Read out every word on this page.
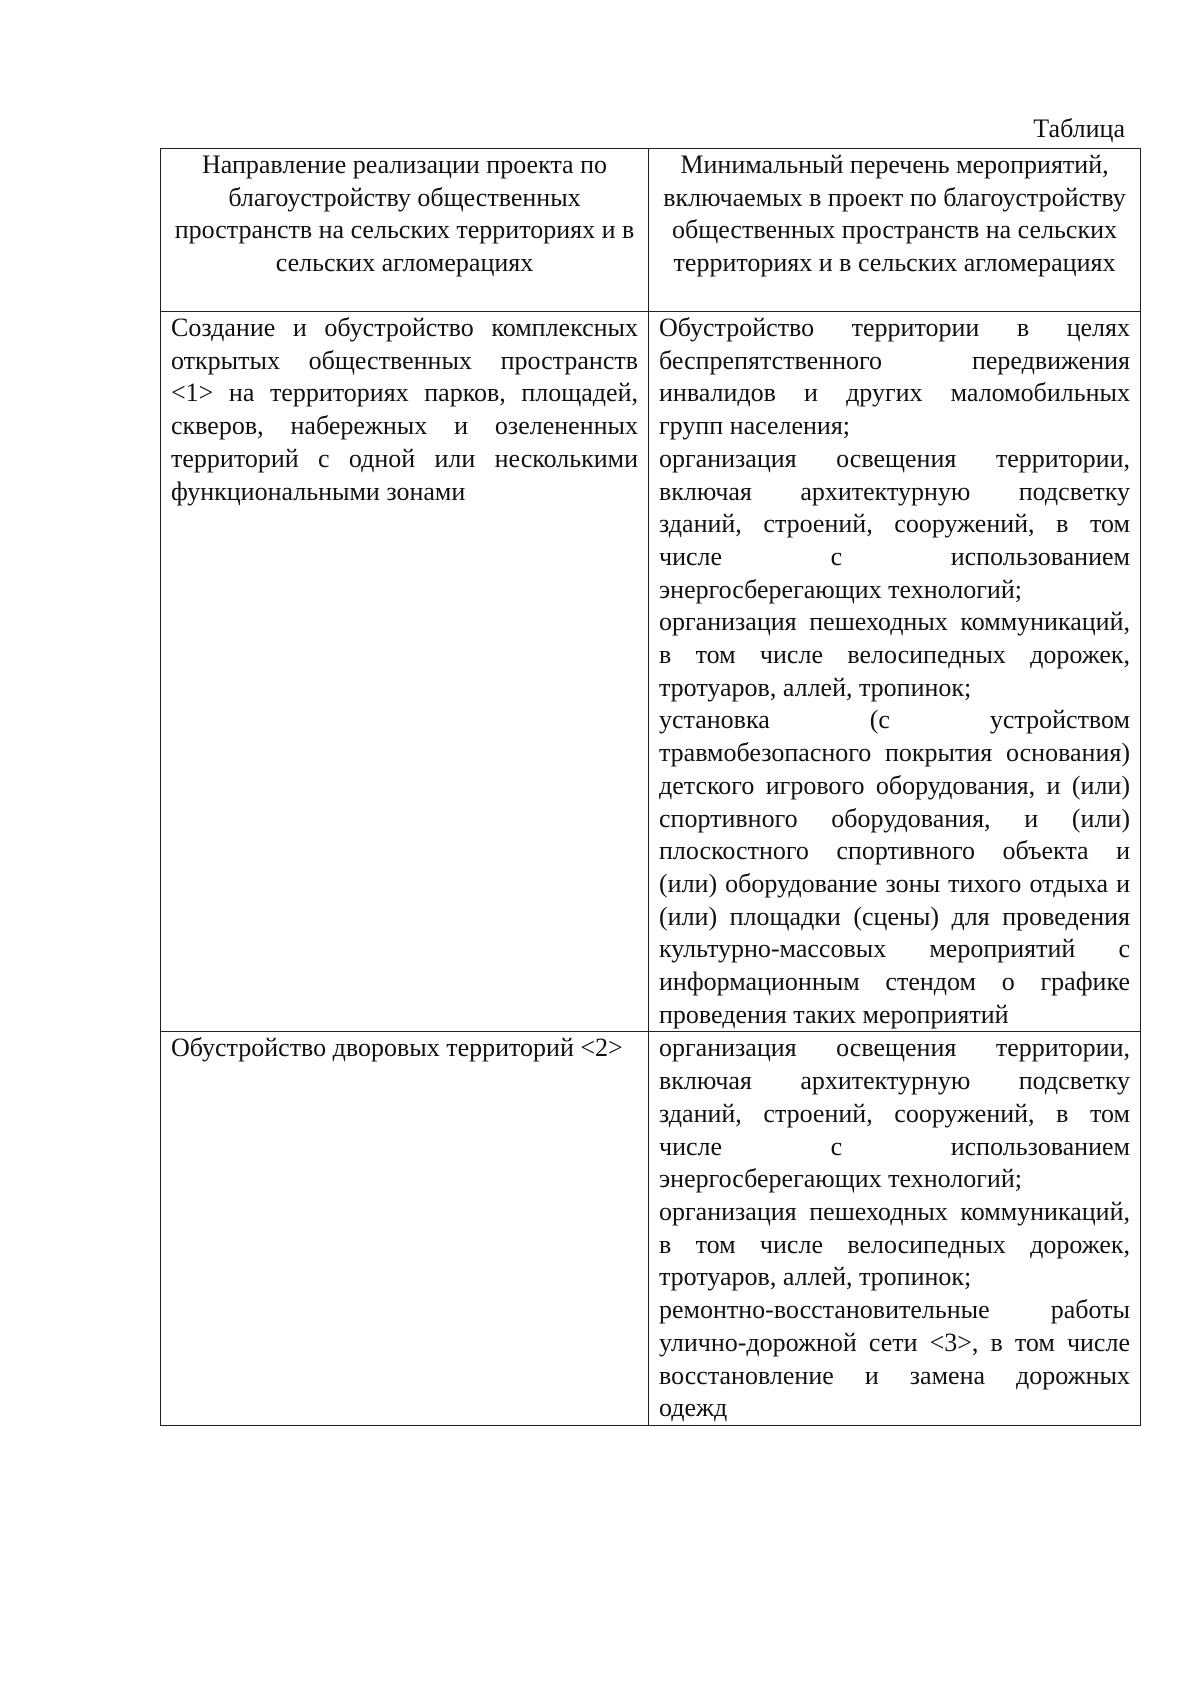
Таблица
Направление реализации проекта по благоустройству общественных пространств на сельских территориях и в сельских агломерациях	Минимальный перечень мероприятий, включаемых в проект по благоустройству общественных пространств на сельских территориях и в сельских агломерациях

Создание и обустройство комплексных открытых общественных пространств <1> на территориях парков, площадей, скверов, набережных и озелененных территорий с одной или несколькими функциональными зонами	Обустройство территории в целях беспрепятственного передвижения инвалидов и других маломобильных групп населения;
организация освещения территории, включая архитектурную подсветку зданий, строений, сооружений, в том числе с использованием энергосберегающих технологий;
организация пешеходных коммуникаций, в том числе велосипедных дорожек, тротуаров, аллей, тропинок;
установка (с устройством травмобезопасного покрытия основания) детского игрового оборудования, и (или) спортивного оборудования, и (или) плоскостного спортивного объекта и (или) оборудование зоны тихого отдыха и (или) площадки (сцены) для проведения культурно-массовых мероприятий с информационным стендом о графике проведения таких мероприятий

Обустройство дворовых территорий <2>	организация освещения территории, включая архитектурную подсветку зданий, строений, сооружений, в том числе с использованием энергосберегающих технологий;
организация пешеходных коммуникаций, в том числе велосипедных дорожек, тротуаров, аллей, тропинок;
ремонтно-восстановительные работы улично-дорожной сети <3>, в том числе восстановление и замена дорожных одежд
